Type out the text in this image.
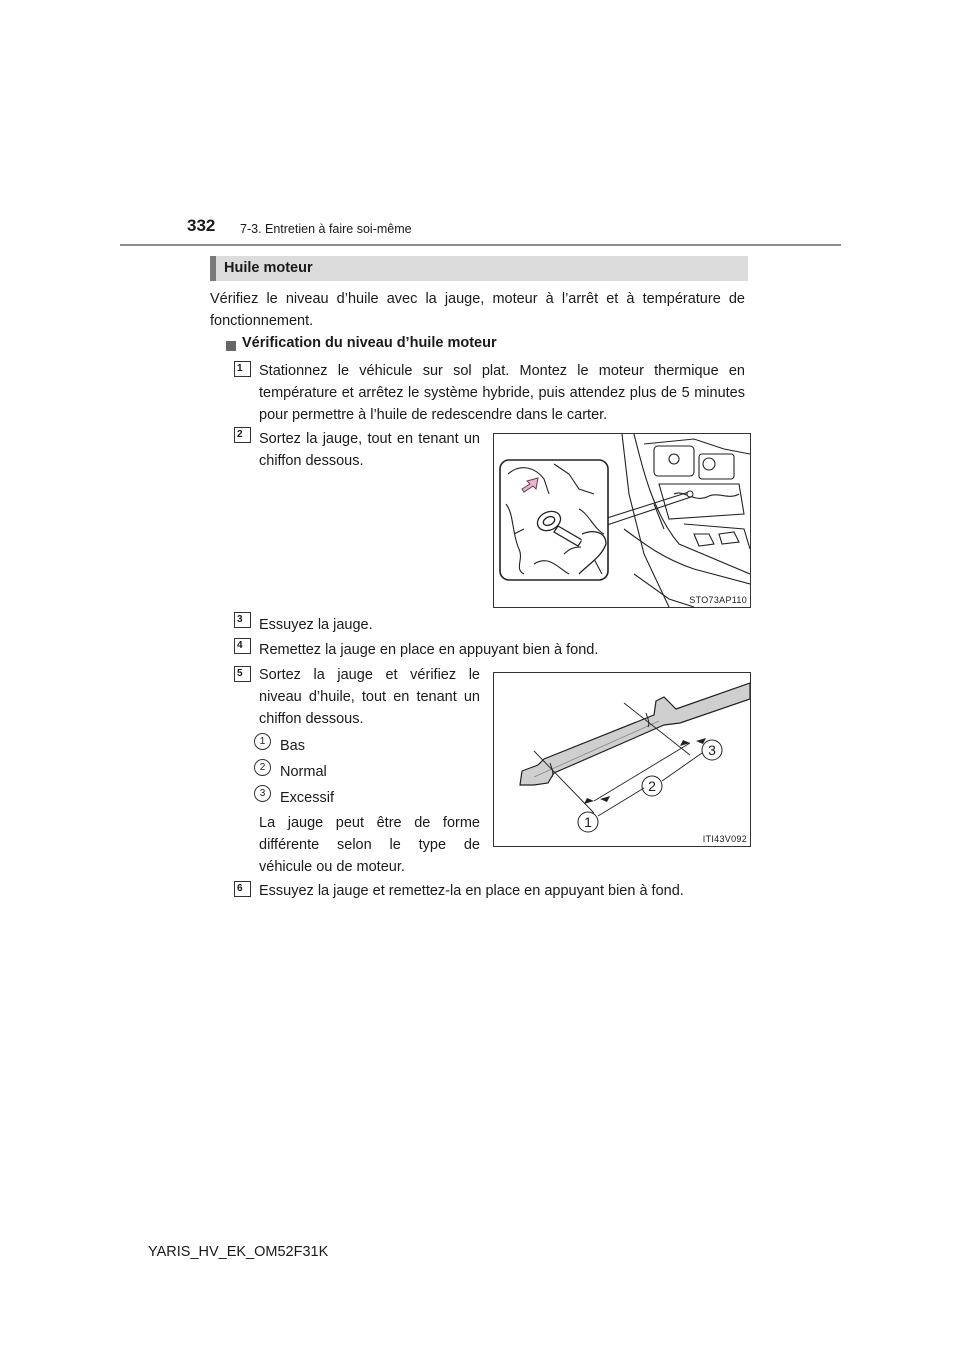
332 7-3. Entretien à faire soi-même
Huile moteur
Vérifiez le niveau d’huile avec la jauge, moteur à l’arrêt et à température de fonctionnement.
Vérification du niveau d’huile moteur
1	Stationnez le véhicule sur sol plat. Montez le moteur thermique en température et arrêtez le système hybride, puis attendez plus de 5 minutes pour permettre à l’huile de redescendre dans le carter.
2	Sortez la jauge, tout en tenant un chiffon dessous.
STO73AP110
3	Essuyez la jauge.
4	Remettez la jauge en place en appuyant bien à fond.
5	Sortez la jauge et vérifiez le niveau d’huile, tout en tenant un chiffon dessous.
1	Bas
2	Normal
3	Excessif
La jauge peut être de forme différente selon le type de véhicule ou de moteur.
1
2
3
ITI43V092
6	Essuyez la jauge et remettez-la en place en appuyant bien à fond.
YARIS_HV_EK_OM52F31K
